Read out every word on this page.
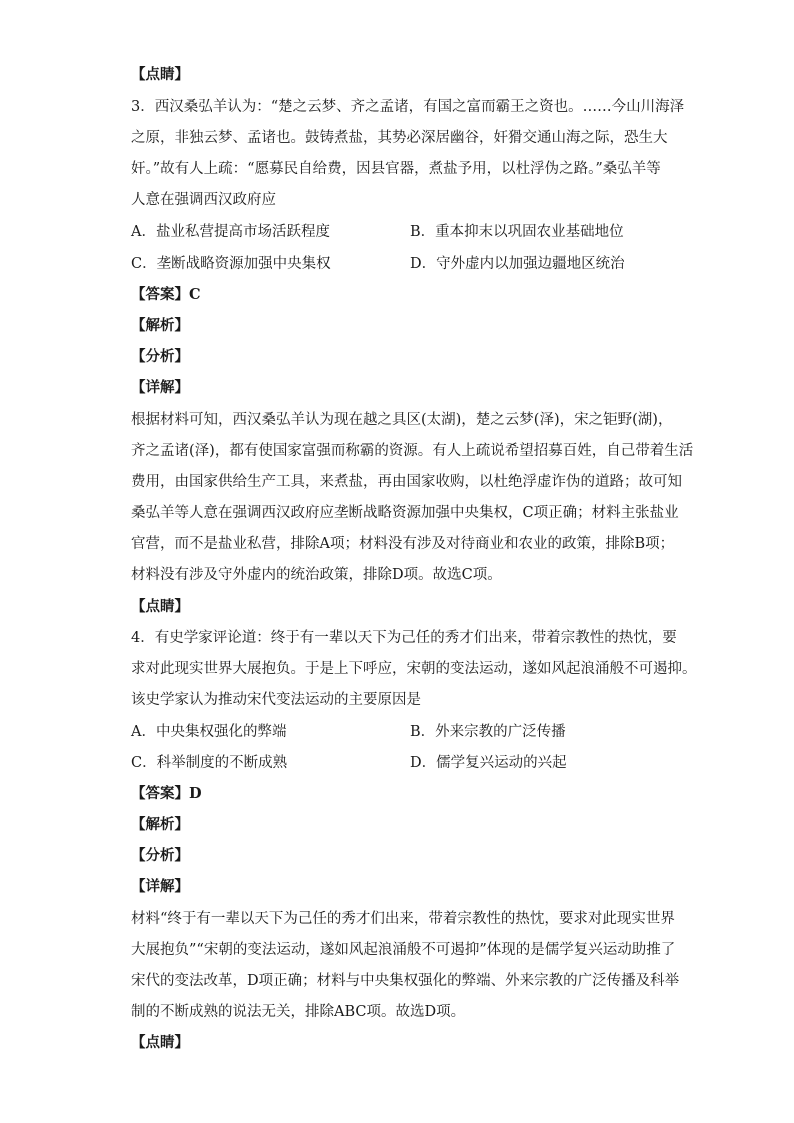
【点睛】
3．西汉桑弘羊认为：“楚之云梦、齐之孟诸，有国之富而霸王之资也。……今山川海泽
之原，非独云梦、孟诸也。鼓铸煮盐，其势必深居幽谷，奸猾交通山海之际，恐生大
奸。”故有人上疏：“愿募民自给费，因县官器，煮盐予用，以杜浮伪之路。”桑弘羊等
人意在强调西汉政府应
A．盐业私营提高市场活跃程度	B．重本抑末以巩固农业基础地位
C．垄断战略资源加强中央集权	D．守外虚内以加强边疆地区统治
【答案】C
【解析】
【分析】
【详解】
根据材料可知，西汉桑弘羊认为现在越之具区(太湖)，楚之云梦(泽)，宋之钜野(湖)，
齐之孟诸(泽)，都有使国家富强而称霸的资源。有人上疏说希望招募百姓，自己带着生活
费用，由国家供给生产工具，来煮盐，再由国家收购，以杜绝浮虚诈伪的道路；故可知
桑弘羊等人意在强调西汉政府应垄断战略资源加强中央集权，C项正确；材料主张盐业
官营，而不是盐业私营，排除A项；材料没有涉及对待商业和农业的政策，排除B项；
材料没有涉及守外虚内的统治政策，排除D项。故选C项。
【点睛】
4．有史学家评论道：终于有一辈以天下为己任的秀才们出来，带着宗教性的热忱，要
求对此现实世界大展抱负。于是上下呼应，宋朝的变法运动，遂如风起浪涌般不可遏抑。
该史学家认为推动宋代变法运动的主要原因是
A．中央集权强化的弊端	B．外来宗教的广泛传播
C．科举制度的不断成熟	D．儒学复兴运动的兴起
【答案】D
【解析】
【分析】
【详解】
材料“终于有一辈以天下为己任的秀才们出来，带着宗教性的热忱，要求对此现实世界
大展抱负”“宋朝的变法运动，遂如风起浪涌般不可遏抑”体现的是儒学复兴运动助推了
宋代的变法改革，D项正确；材料与中央集权强化的弊端、外来宗教的广泛传播及科举
制的不断成熟的说法无关，排除ABC项。故选D项。
【点睛】
